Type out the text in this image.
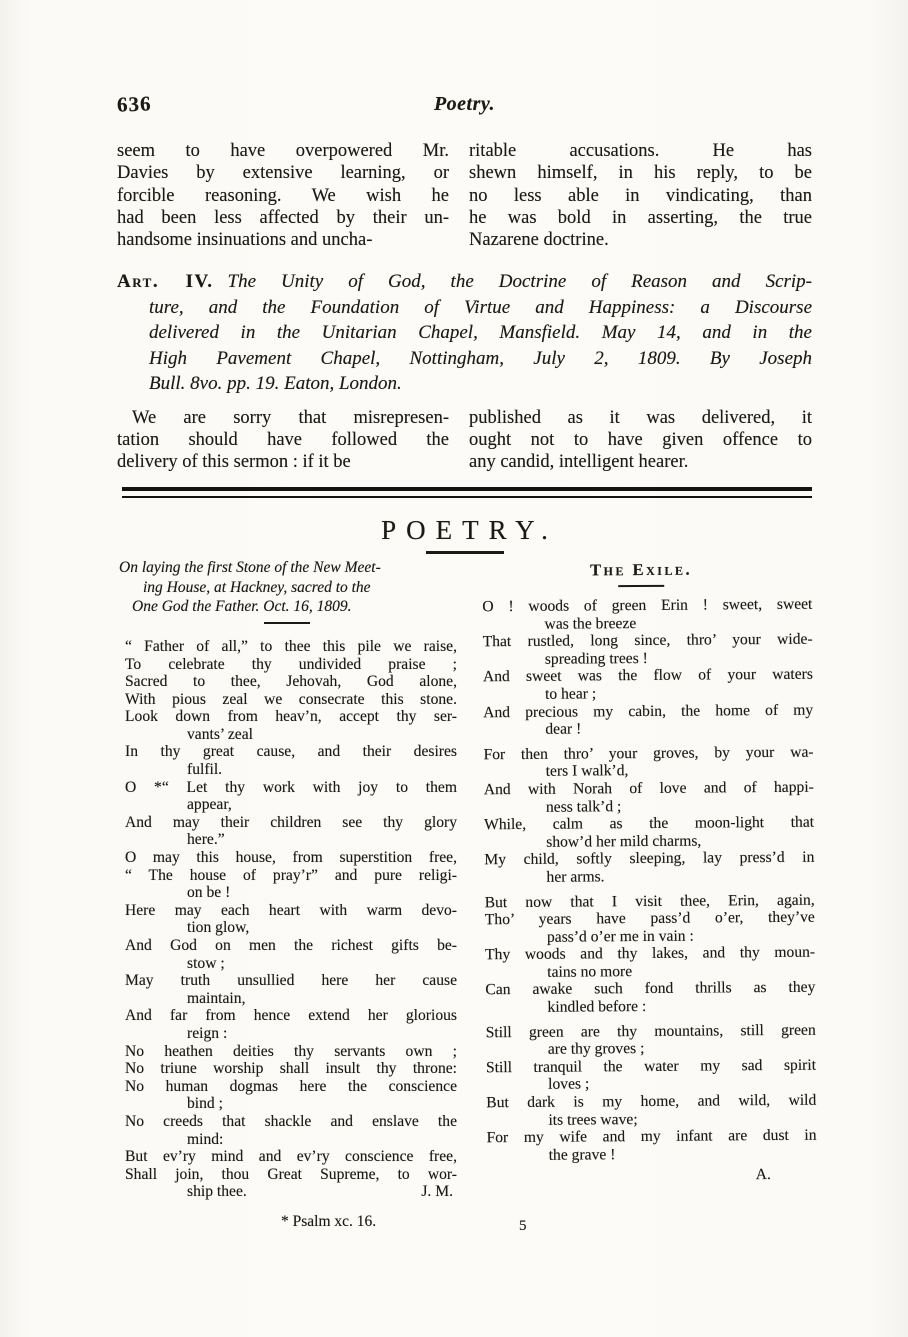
636	Poetry.
seem to have overpowered Mr.
Davies by extensive learning, or
forcible reasoning. We wish he
had been less affected by their un-
handsome insinuations and uncha-
ritable accusations. He has
shewn himself, in his reply, to be
no less able in vindicating, than
he was bold in asserting, the true
Nazarene doctrine.
Art. IV. The Unity of God, the Doctrine of Reason and Scrip-
ture, and the Foundation of Virtue and Happiness: a Discourse
delivered in the Unitarian Chapel, Mansfield. May 14, and in the
High Pavement Chapel, Nottingham, July 2, 1809. By Joseph
Bull. 8vo. pp. 19. Eaton, London.
We are sorry that misrepresen-
tation should have followed the
delivery of this sermon : if it be
published as it was delivered, it
ought not to have given offence to
any candid, intelligent hearer.
POETRY.
On laying the first Stone of the New Meet-
ing House, at Hackney, sacred to the
One God the Father. Oct. 16, 1809.
“ Father of all,” to thee this pile we raise,
To celebrate thy undivided praise ;
Sacred to thee, Jehovah, God alone,
With pious zeal we consecrate this stone.
Look down from heav’n, accept thy ser-
vants’ zeal
In thy great cause, and their desires
fulfil.
O *“ Let thy work with joy to them
appear,
And may their children see thy glory
here.”
O may this house, from superstition free,
“ The house of pray’r” and pure religi-
on be !
Here may each heart with warm devo-
tion glow,
And God on men the richest gifts be-
stow ;
May truth unsullied here her cause
maintain,
And far from hence extend her glorious
reign :
No heathen deities thy servants own ;
No triune worship shall insult thy throne:
No human dogmas here the conscience
bind ;
No creeds that shackle and enslave the
mind:
But ev’ry mind and ev’ry conscience free,
Shall join, thou Great Supreme, to wor-
ship thee.	J. M.
* Psalm xc. 16.
The Exile.
O ! woods of green Erin ! sweet, sweet
was the breeze
That rustled, long since, thro’ your wide-
spreading trees !
And sweet was the flow of your waters
to hear ;
And precious my cabin, the home of my
dear !
For then thro’ your groves, by your wa-
ters I walk’d,
And with Norah of love and of happi-
ness talk’d ;
While, calm as the moon-light that
show’d her mild charms,
My child, softly sleeping, lay press’d in
her arms.
But now that I visit thee, Erin, again,
Tho’ years have pass’d o’er, they’ve
pass’d o’er me in vain :
Thy woods and thy lakes, and thy moun-
tains no more
Can awake such fond thrills as they
kindled before :
Still green are thy mountains, still green
are thy groves ;
Still tranquil the water my sad spirit
loves ;
But dark is my home, and wild, wild
its trees wave;
For my wife and my infant are dust in
the grave !
A.
5
